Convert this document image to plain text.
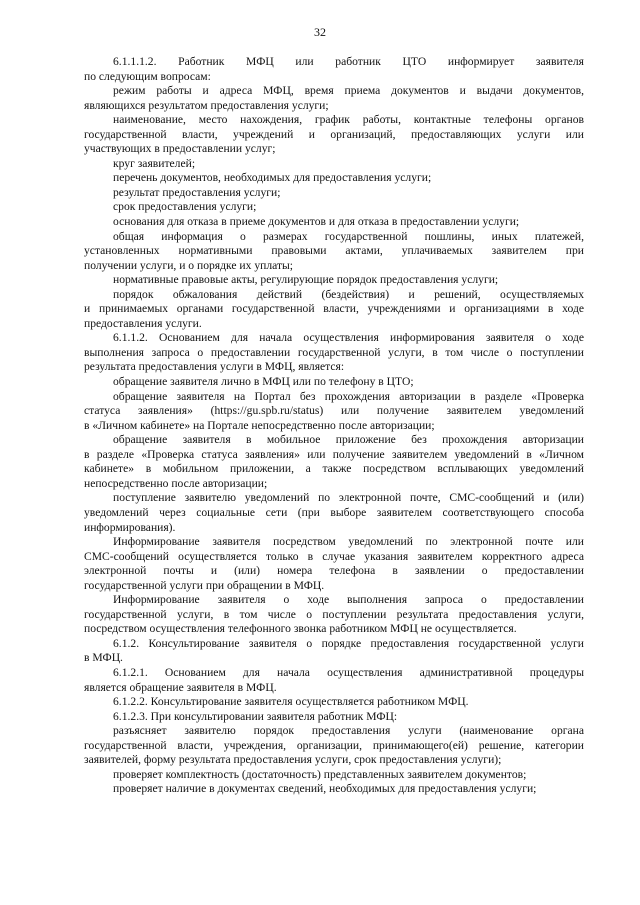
32
6.1.1.1.2. Работник МФЦ или работник ЦТО информирует заявителя
по следующим вопросам:
режим работы и адреса МФЦ, время приема документов и выдачи документов,
являющихся результатом предоставления услуги;
наименование, место нахождения, график работы, контактные телефоны органов
государственной власти, учреждений и организаций, предоставляющих услуги или
участвующих в предоставлении услуг;
круг заявителей;
перечень документов, необходимых для предоставления услуги;
результат предоставления услуги;
срок предоставления услуги;
основания для отказа в приеме документов и для отказа в предоставлении услуги;
общая информация о размерах государственной пошлины, иных платежей,
установленных нормативными правовыми актами, уплачиваемых заявителем при
получении услуги, и о порядке их уплаты;
нормативные правовые акты, регулирующие порядок предоставления услуги;
порядок обжалования действий (бездействия) и решений, осуществляемых
и принимаемых органами государственной власти, учреждениями и организациями в ходе
предоставления услуги.
6.1.1.2. Основанием для начала осуществления информирования заявителя о ходе
выполнения запроса о предоставлении государственной услуги, в том числе о поступлении
результата предоставления услуги в МФЦ, является:
обращение заявителя лично в МФЦ или по телефону в ЦТО;
обращение заявителя на Портал без прохождения авторизации в разделе «Проверка
статуса заявления» (https://gu.spb.ru/status) или получение заявителем уведомлений
в «Личном кабинете» на Портале непосредственно после авторизации;
обращение заявителя в мобильное приложение без прохождения авторизации
в разделе «Проверка статуса заявления» или получение заявителем уведомлений в «Личном
кабинете» в мобильном приложении, а также посредством всплывающих уведомлений
непосредственно после авторизации;
поступление заявителю уведомлений по электронной почте, СМС-сообщений и (или)
уведомлений через социальные сети (при выборе заявителем соответствующего способа
информирования).
Информирование заявителя посредством уведомлений по электронной почте или
СМС-сообщений осуществляется только в случае указания заявителем корректного адреса
электронной почты и (или) номера телефона в заявлении о предоставлении
государственной услуги при обращении в МФЦ.
Информирование заявителя о ходе выполнения запроса о предоставлении
государственной услуги, в том числе о поступлении результата предоставления услуги,
посредством осуществления телефонного звонка работником МФЦ не осуществляется.
6.1.2. Консультирование заявителя о порядке предоставления государственной услуги
в МФЦ.
6.1.2.1. Основанием для начала осуществления административной процедуры
является обращение заявителя в МФЦ.
6.1.2.2. Консультирование заявителя осуществляется работником МФЦ.
6.1.2.3. При консультировании заявителя работник МФЦ:
разъясняет заявителю порядок предоставления услуги (наименование органа
государственной власти, учреждения, организации, принимающего(ей) решение, категории
заявителей, форму результата предоставления услуги, срок предоставления услуги);
проверяет комплектность (достаточность) представленных заявителем документов;
проверяет наличие в документах сведений, необходимых для предоставления услуги;
